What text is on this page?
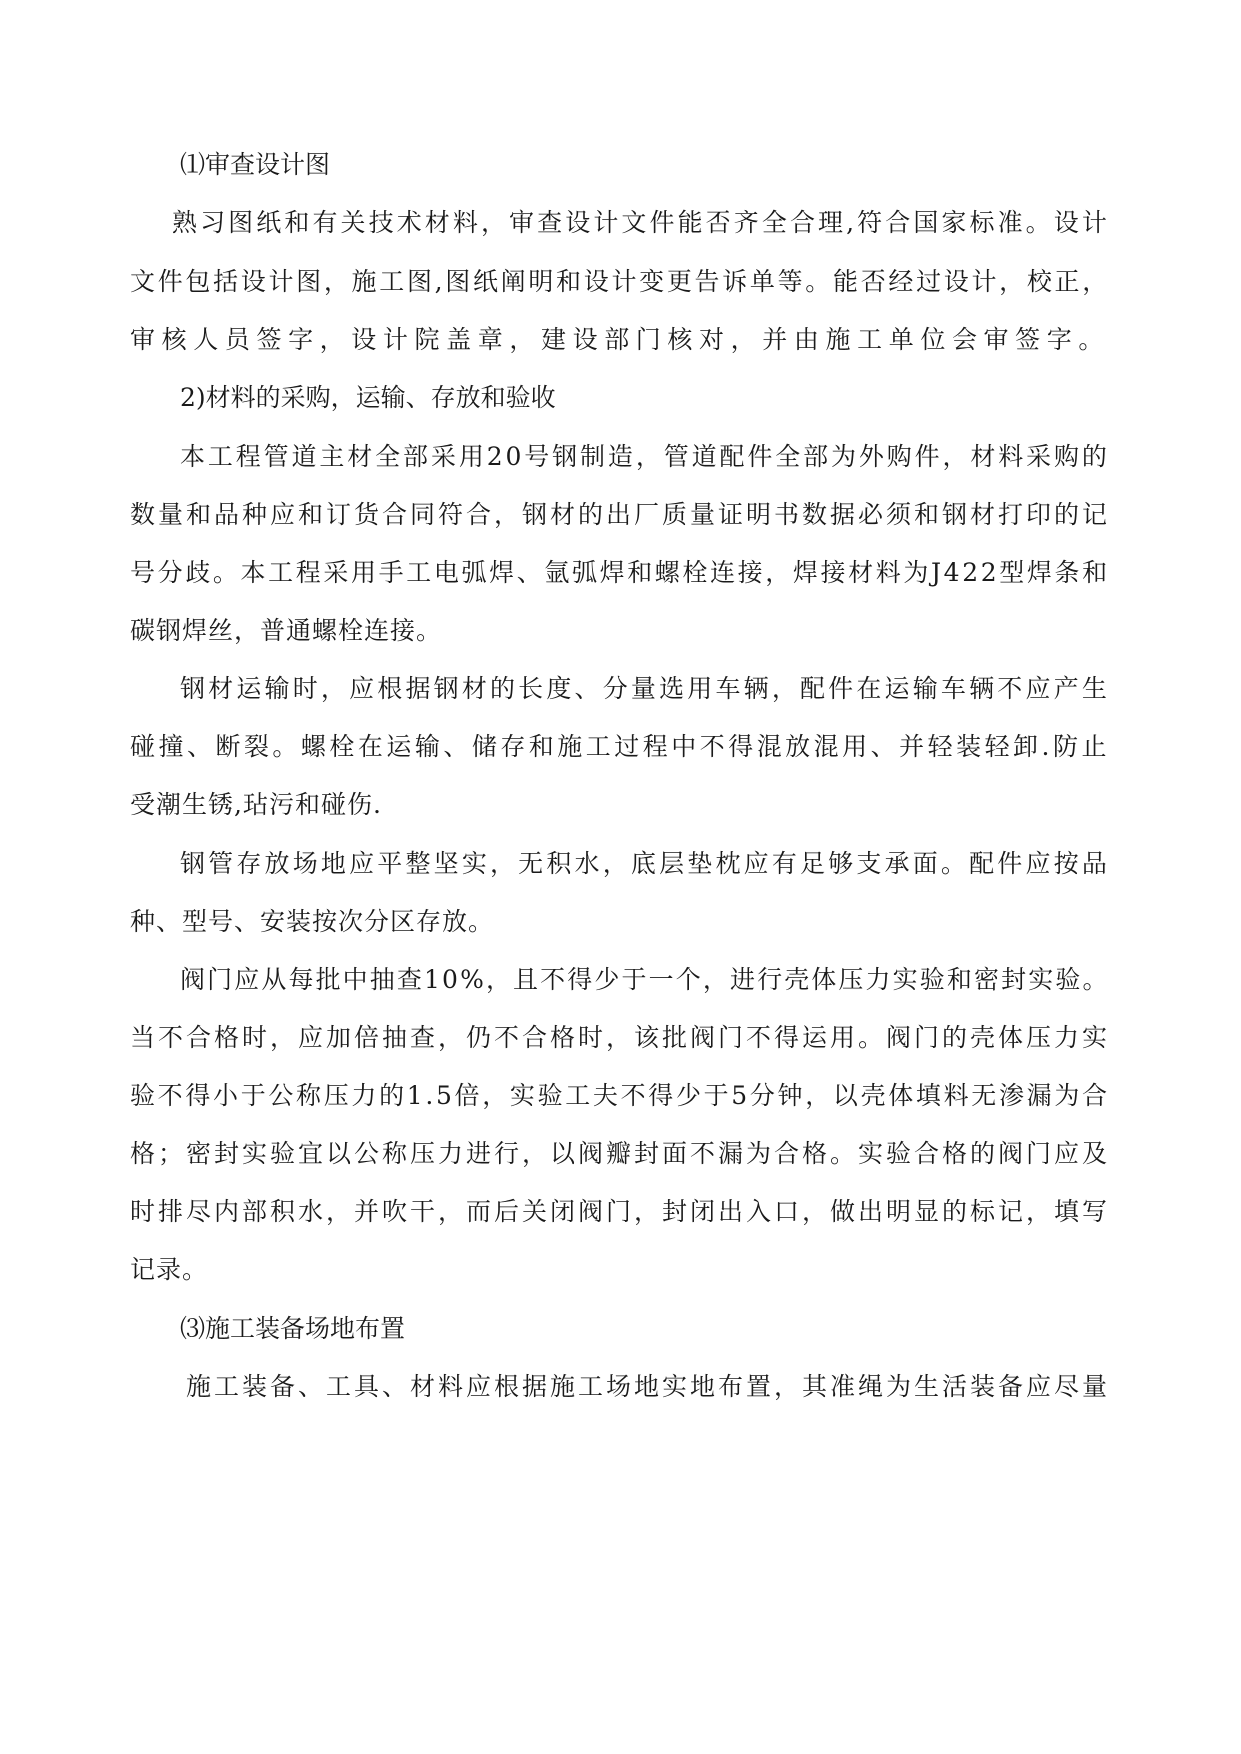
⑴审查设计图
熟习图纸和有关技术材料，审查设计文件能否齐全合理,符合国家标准。设计
文件包括设计图，施工图,图纸阐明和设计变更告诉单等。能否经过设计，校正，
审核人员签字，设计院盖章，建设部门核对，并由施工单位会审签字。
2)材料的采购，运输、存放和验收
本工程管道主材全部采用20号钢制造，管道配件全部为外购件，材料采购的
数量和品种应和订货合同符合，钢材的出厂质量证明书数据必须和钢材打印的记
号分歧。本工程采用手工电弧焊、氩弧焊和螺栓连接，焊接材料为J422型焊条和
碳钢焊丝，普通螺栓连接。
钢材运输时，应根据钢材的长度、分量选用车辆，配件在运输车辆不应产生
碰撞、断裂。螺栓在运输、储存和施工过程中不得混放混用、并轻装轻卸.防止
受潮生锈,玷污和碰伤.
钢管存放场地应平整坚实，无积水，底层垫枕应有足够支承面。配件应按品
种、型号、安装按次分区存放。
阀门应从每批中抽查10%，且不得少于一个，进行壳体压力实验和密封实验。
当不合格时，应加倍抽查，仍不合格时，该批阀门不得运用。阀门的壳体压力实
验不得小于公称压力的1.5倍，实验工夫不得少于5分钟，以壳体填料无渗漏为合
格；密封实验宜以公称压力进行，以阀瓣封面不漏为合格。实验合格的阀门应及
时排尽内部积水，并吹干，而后关闭阀门，封闭出入口，做出明显的标记，填写
记录。
⑶施工装备场地布置
施工装备、工具、材料应根据施工场地实地布置，其准绳为生活装备应尽量
